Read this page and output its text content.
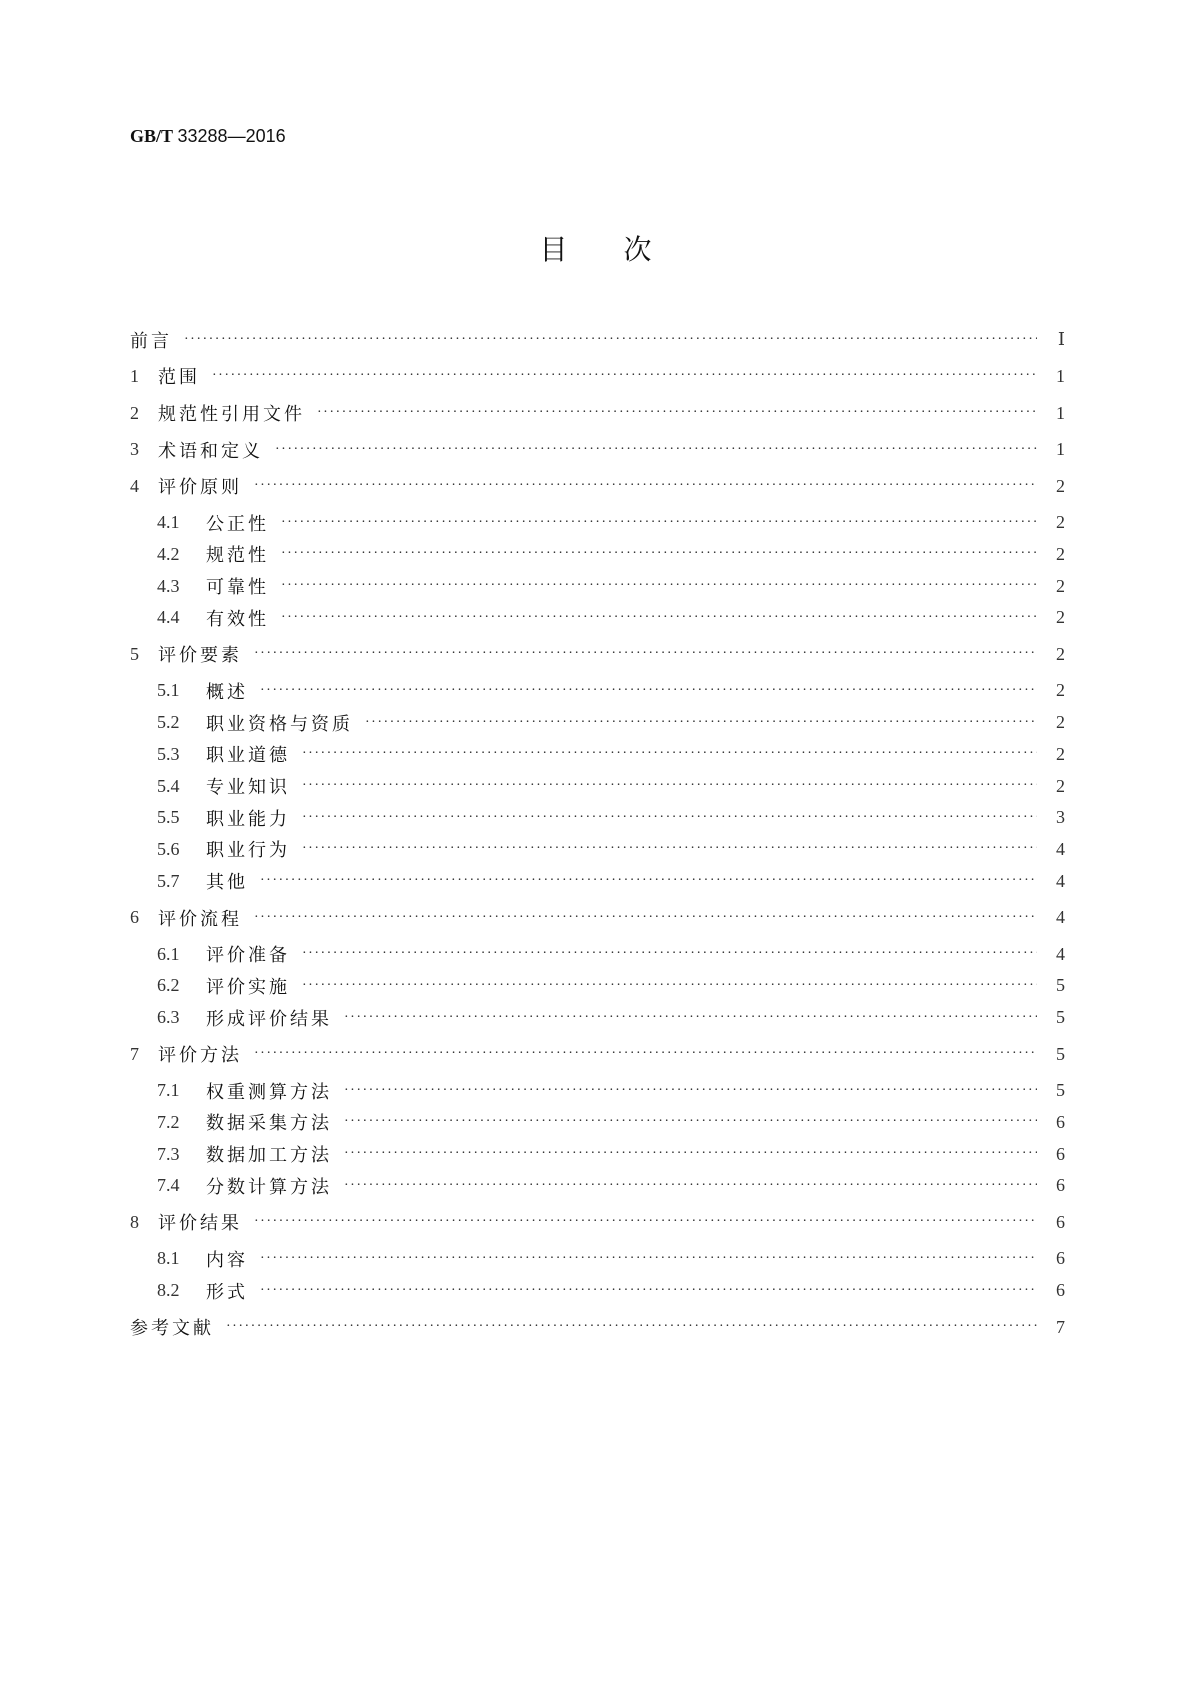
GB/T 33288—2016
目次
前言 ·····	Ⅰ
1	范围 ·····	1
2	规范性引用文件 ·····	1
3	术语和定义 ·····	1
4	评价原则 ·····	2
4.1	公正性 ·····	2
4.2	规范性 ·····	2
4.3	可靠性 ·····	2
4.4	有效性 ·····	2
5	评价要素 ·····	2
5.1	概述 ·····	2
5.2	职业资格与资质 ·····	2
5.3	职业道德 ·····	2
5.4	专业知识 ·····	2
5.5	职业能力 ·····	3
5.6	职业行为 ·····	4
5.7	其他 ·····	4
6	评价流程 ·····	4
6.1	评价准备 ·····	4
6.2	评价实施 ·····	5
6.3	形成评价结果 ·····	5
7	评价方法 ·····	5
7.1	权重测算方法 ·····	5
7.2	数据采集方法 ·····	6
7.3	数据加工方法 ·····	6
7.4	分数计算方法 ·····	6
8	评价结果 ·····	6
8.1	内容 ·····	6
8.2	形式 ·····	6
参考文献 ·····	7
